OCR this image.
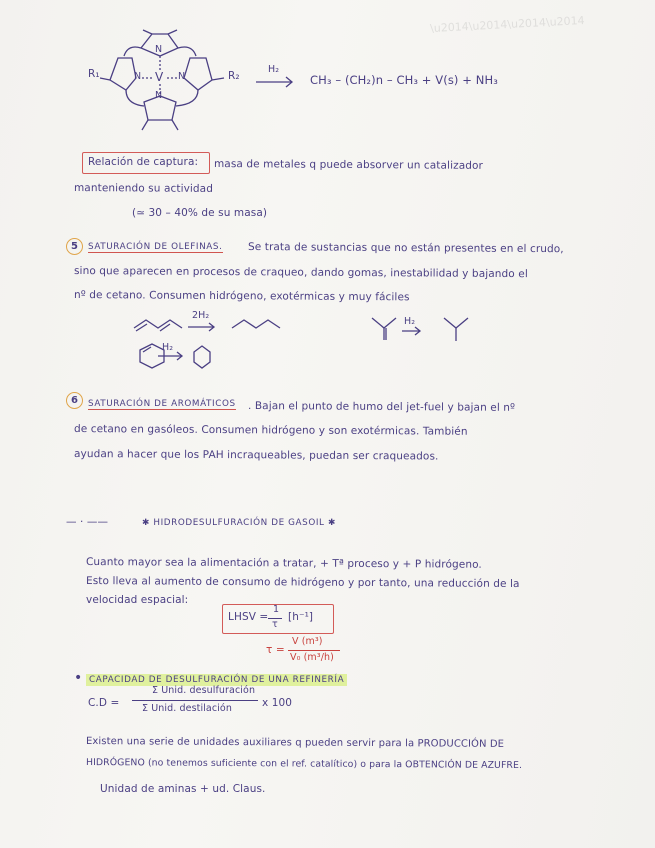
\u2014\u2014\u2014\u2014
N
N V N
N
R₁	R₂
H₂
CH₃ – (CH₂)n – CH₃ + V(s) + NH₃
Relación de captura: masa de metales q puede absorver un catalizador
manteniendo su actividad
(≃ 30 – 40% de su masa)
5	SATURACIÓN DE OLEFINAS. Se trata de sustancias que no están presentes en el crudo,
sino que aparecen en procesos de craqueo, dando gomas, inestabilidad y bajando el
nº de cetano. Consumen hidrógeno, exotérmicas y muy fáciles
2H₂
H₂
H₂
6	SATURACIÓN DE AROMÁTICOS . Bajan el punto de humo del jet-fuel y bajan el nº
de cetano en gasóleos. Consumen hidrógeno y son exotérmicas. También
ayudan a hacer que los PAH incraqueables, puedan ser craqueados.
— · ——	✱ HIDRODESULFURACIÓN DE GASOIL ✱
Cuanto mayor sea la alimentación a tratar, + Tª proceso y + P hidrógeno.
Esto lleva al aumento de consumo de hidrógeno y por tanto, una reducción de la
velocidad espacial:
LHSV =
1
τ
[h⁻¹]
τ =
V (m³)
V₀ (m³/h)
• CAPACIDAD DE DESULFURACIÓN DE UNA REFINERÍA
C.D =
Σ Unid. desulfuración
Σ Unid. destilación	x 100
Existen una serie de unidades auxiliares q pueden servir para la PRODUCCIÓN DE
HIDRÓGENO (no tenemos suficiente con el ref. catalítico) o para la OBTENCIÓN DE AZUFRE.
Unidad de aminas + ud. Claus.
